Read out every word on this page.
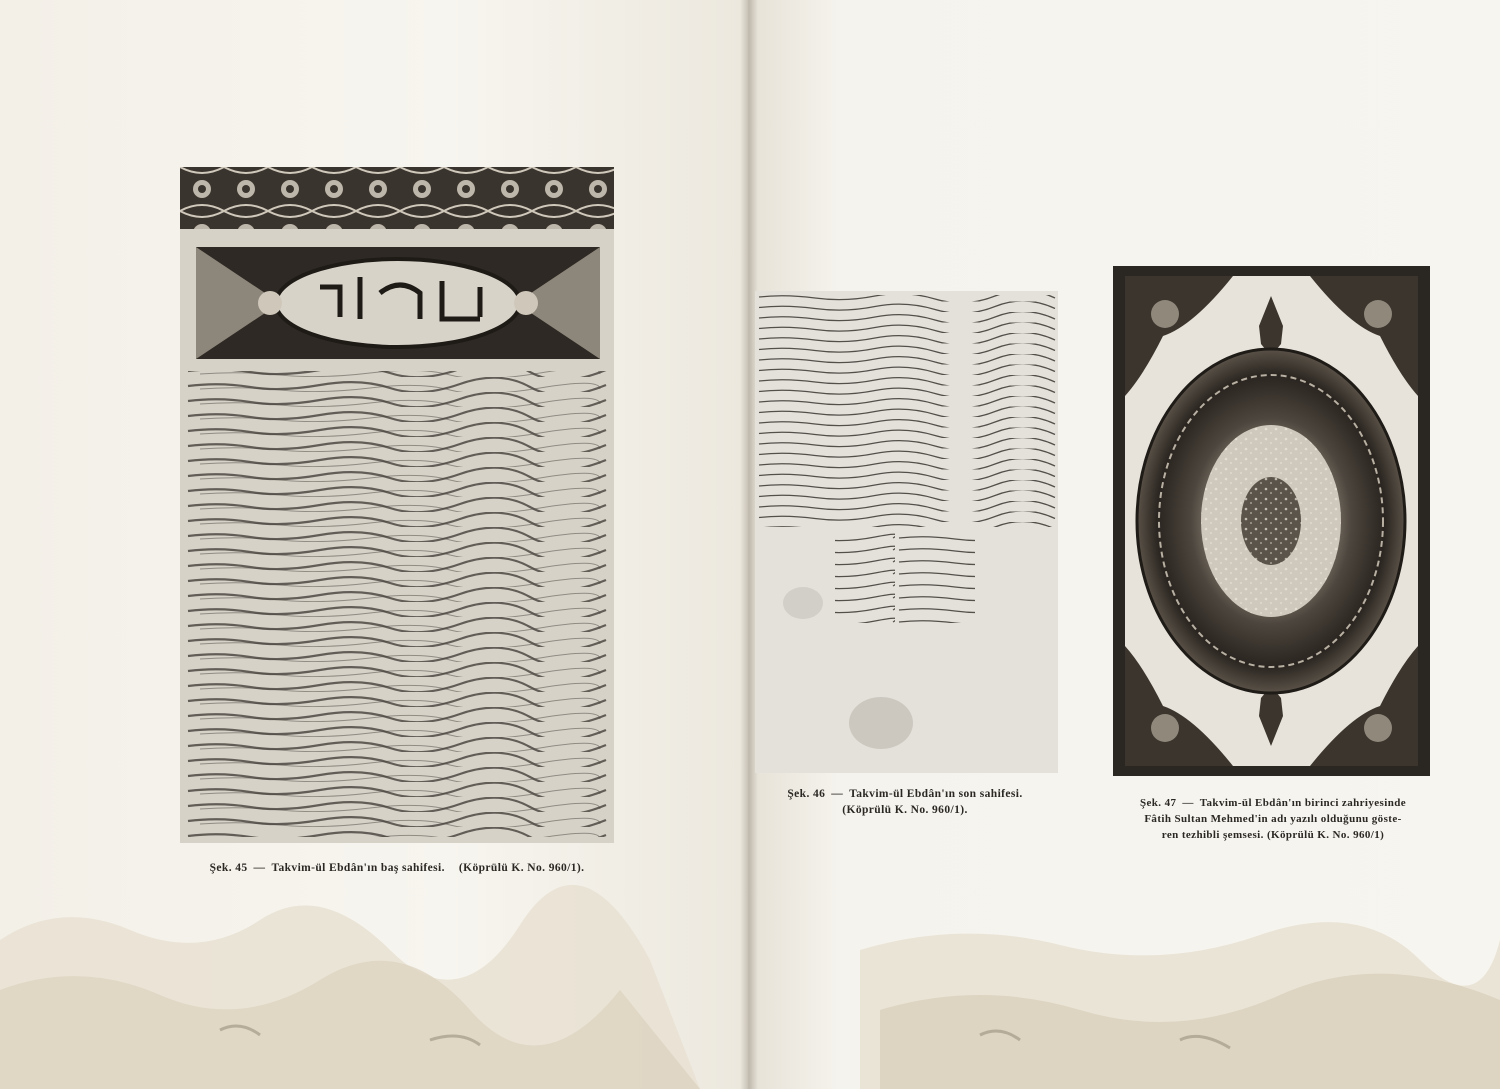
Şek. 45 — Takvim-ül Ebdân'ın baş sahifesi. (Köprülü K. No. 960/1).
Şek. 46 — Takvim-ül Ebdân'ın son sahifesi.
(Köprülü K. No. 960/1).
Şek. 47 — Takvim-ül Ebdân'ın birinci zahriyesinde
Fâtih Sultan Mehmed'in adı yazılı olduğunu göste-
ren tezhibli şemsesi. (Köprülü K. No. 960/1)
